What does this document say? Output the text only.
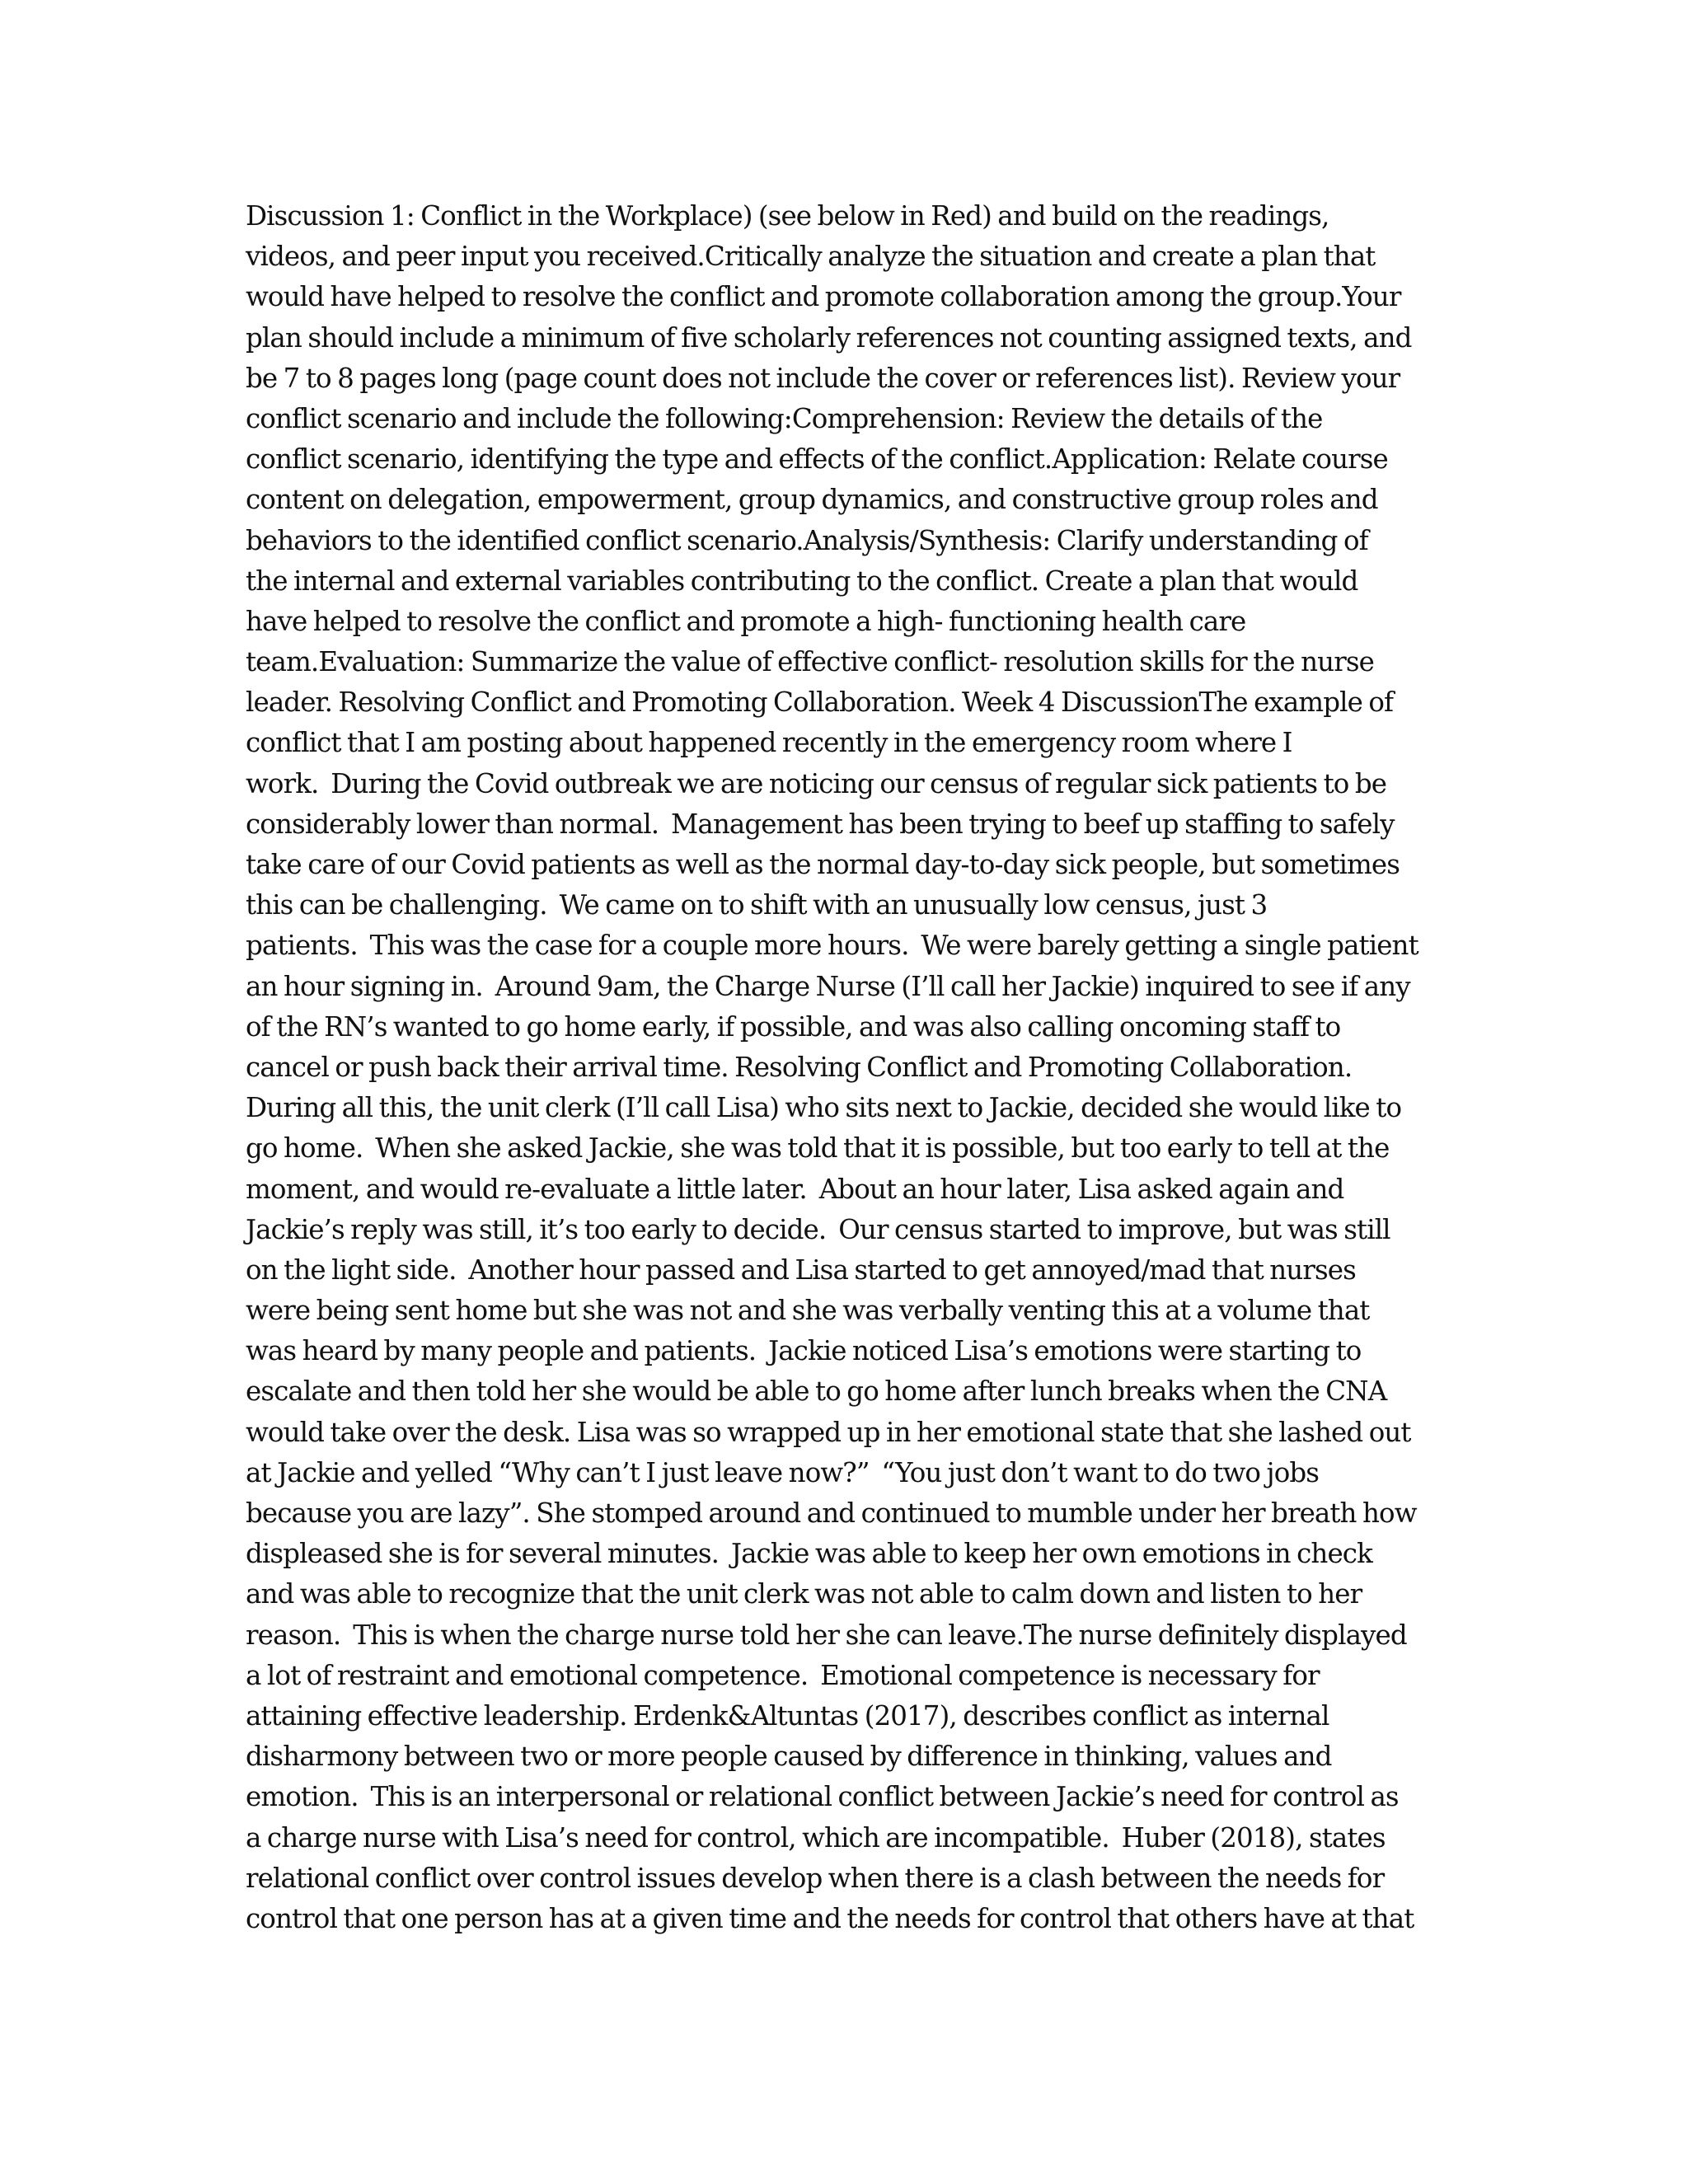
Discussion 1: Conflict in the Workplace) (see below in Red) and build on the readings,
videos, and peer input you received.Critically analyze the situation and create a plan that
would have helped to resolve the conflict and promote collaboration among the group.Your
plan should include a minimum of five scholarly references not counting assigned texts, and
be 7 to 8 pages long (page count does not include the cover or references list). Review your
conflict scenario and include the following:Comprehension: Review the details of the
conflict scenario, identifying the type and effects of the conflict.Application: Relate course
content on delegation, empowerment, group dynamics, and constructive group roles and
behaviors to the identified conflict scenario.Analysis/Synthesis: Clarify understanding of
the internal and external variables contributing to the conflict. Create a plan that would
have helped to resolve the conflict and promote a high- functioning health care
team.Evaluation: Summarize the value of effective conflict- resolution skills for the nurse
leader. Resolving Conflict and Promoting Collaboration. Week 4 DiscussionThe example of
conflict that I am posting about happened recently in the emergency room where I
work.  During the Covid outbreak we are noticing our census of regular sick patients to be
considerably lower than normal.  Management has been trying to beef up staffing to safely
take care of our Covid patients as well as the normal day-to-day sick people, but sometimes
this can be challenging.  We came on to shift with an unusually low census, just 3
patients.  This was the case for a couple more hours.  We were barely getting a single patient
an hour signing in.  Around 9am, the Charge Nurse (I’ll call her Jackie) inquired to see if any
of the RN’s wanted to go home early, if possible, and was also calling oncoming staff to
cancel or push back their arrival time. Resolving Conflict and Promoting Collaboration.
During all this, the unit clerk (I’ll call Lisa) who sits next to Jackie, decided she would like to
go home.  When she asked Jackie, she was told that it is possible, but too early to tell at the
moment, and would re-evaluate a little later.  About an hour later, Lisa asked again and
Jackie’s reply was still, it’s too early to decide.  Our census started to improve, but was still
on the light side.  Another hour passed and Lisa started to get annoyed/mad that nurses
were being sent home but she was not and she was verbally venting this at a volume that
was heard by many people and patients.  Jackie noticed Lisa’s emotions were starting to
escalate and then told her she would be able to go home after lunch breaks when the CNA
would take over the desk. Lisa was so wrapped up in her emotional state that she lashed out
at Jackie and yelled “Why can’t I just leave now?”  “You just don’t want to do two jobs
because you are lazy”. She stomped around and continued to mumble under her breath how
displeased she is for several minutes.  Jackie was able to keep her own emotions in check
and was able to recognize that the unit clerk was not able to calm down and listen to her
reason.  This is when the charge nurse told her she can leave.The nurse definitely displayed
a lot of restraint and emotional competence.  Emotional competence is necessary for
attaining effective leadership. Erdenk&Altuntas (2017), describes conflict as internal
disharmony between two or more people caused by difference in thinking, values and
emotion.  This is an interpersonal or relational conflict between Jackie’s need for control as
a charge nurse with Lisa’s need for control, which are incompatible.  Huber (2018), states
relational conflict over control issues develop when there is a clash between the needs for
control that one person has at a given time and the needs for control that others have at that
